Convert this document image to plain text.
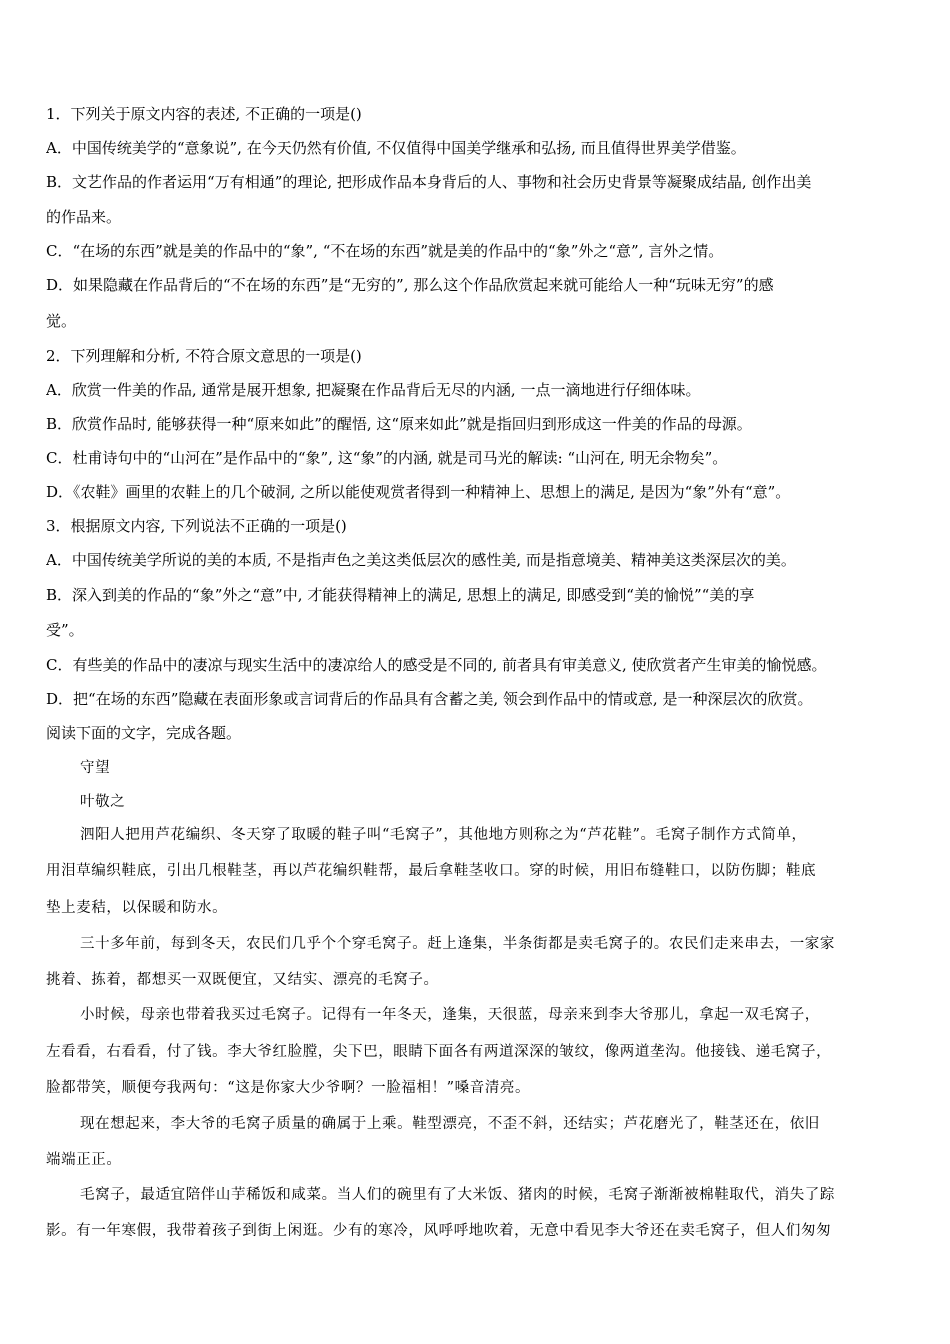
1．下列关于原文内容的表述, 不正确的一项是()
A．中国传统美学的“意象说”, 在今天仍然有价值, 不仅值得中国美学继承和弘扬, 而且值得世界美学借鉴。
B．文艺作品的作者运用“万有相通”的理论, 把形成作品本身背后的人、事物和社会历史背景等凝聚成结晶, 创作出美
的作品来。
C．“在场的东西”就是美的作品中的“象”, “不在场的东西”就是美的作品中的“象”外之“意”, 言外之情。
D．如果隐藏在作品背后的“不在场的东西”是“无穷的”, 那么这个作品欣赏起来就可能给人一种“玩味无穷”的感
觉。
2．下列理解和分析, 不符合原文意思的一项是()
A．欣赏一件美的作品, 通常是展开想象, 把凝聚在作品背后无尽的内涵, 一点一滴地进行仔细体味。
B．欣赏作品时, 能够获得一种“原来如此”的醒悟, 这“原来如此”就是指回归到形成这一件美的作品的母源。
C．杜甫诗句中的“山河在”是作品中的“象”, 这“象”的内涵, 就是司马光的解读: “山河在, 明无余物矣”。
D．《农鞋》画里的农鞋上的几个破洞, 之所以能使观赏者得到一种精神上、思想上的满足, 是因为“象”外有“意”。
3．根据原文内容, 下列说法不正确的一项是()
A．中国传统美学所说的美的本质, 不是指声色之美这类低层次的感性美, 而是指意境美、精神美这类深层次的美。
B．深入到美的作品的“象”外之“意”中, 才能获得精神上的满足, 思想上的满足, 即感受到“美的愉悦”“美的享
受”。
C．有些美的作品中的凄凉与现实生活中的凄凉给人的感受是不同的, 前者具有审美意义, 使欣赏者产生审美的愉悦感。
D．把“在场的东西”隐藏在表面形象或言词背后的作品具有含蓄之美, 领会到作品中的情或意, 是一种深层次的欣赏。
阅读下面的文字，完成各题。
守望
叶敬之
泗阳人把用芦花编织、冬天穿了取暖的鞋子叫“毛窝子”，其他地方则称之为“芦花鞋”。毛窝子制作方式简单，
用泪草编织鞋底，引出几根鞋茎，再以芦花编织鞋帮，最后拿鞋茎收口。穿的时候，用旧布缝鞋口，以防伤脚；鞋底
垫上麦秸，以保暖和防水。
三十多年前，每到冬天，农民们几乎个个穿毛窝子。赶上逢集，半条街都是卖毛窝子的。农民们走来串去，一家家
挑着、拣着，都想买一双既便宜，又结实、漂亮的毛窝子。
小时候，母亲也带着我买过毛窝子。记得有一年冬天，逢集，天很蓝，母亲来到李大爷那儿，拿起一双毛窝子，
左看看，右看看，付了钱。李大爷红脸膛，尖下巴，眼睛下面各有两道深深的皱纹，像两道垄沟。他接钱、递毛窝子，
脸都带笑，顺便夸我两句：“这是你家大少爷啊？一脸福相！”嗓音清亮。
现在想起来，李大爷的毛窝子质量的确属于上乘。鞋型漂亮，不歪不斜，还结实；芦花磨光了，鞋茎还在，依旧
端端正正。
毛窝子，最适宜陪伴山芋稀饭和咸菜。当人们的碗里有了大米饭、猪肉的时候，毛窝子渐渐被棉鞋取代，消失了踪
影。有一年寒假，我带着孩子到街上闲逛。少有的寒冷，风呼呼地吹着，无意中看见李大爷还在卖毛窝子，但人们匆匆
